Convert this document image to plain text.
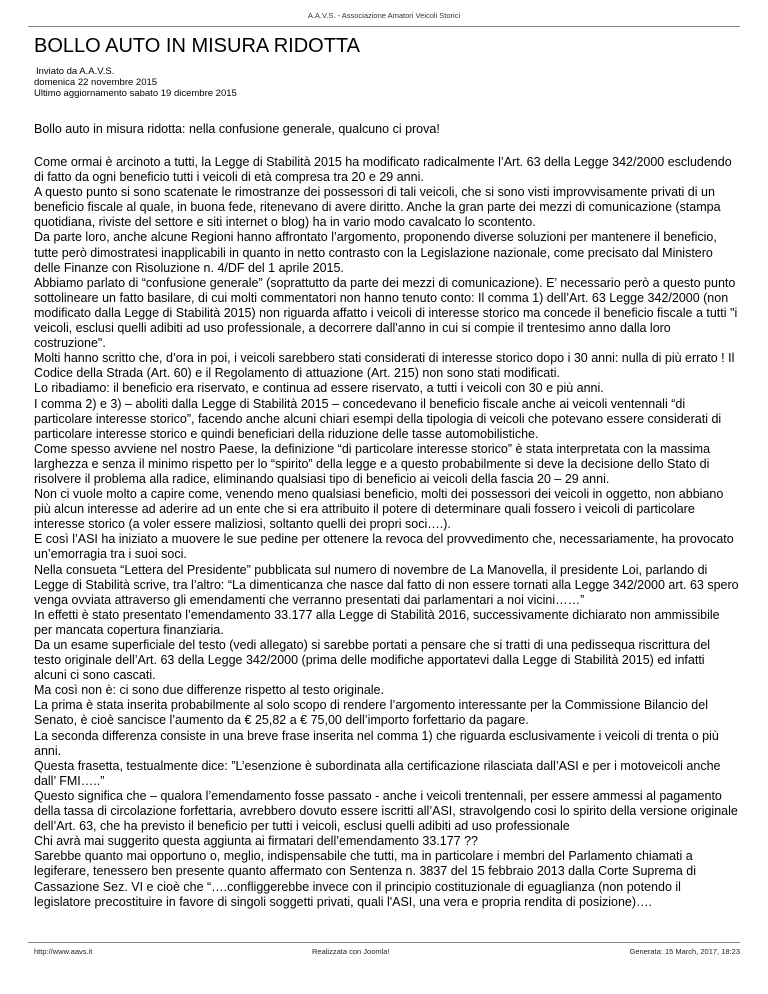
A.A.V.S. - Associazione Amatori Veicoli Storici
BOLLO AUTO IN MISURA RIDOTTA
Inviato da A.A.V.S.
domenica 22 novembre 2015
Ultimo aggiornamento sabato 19 dicembre 2015

Bollo auto in misura ridotta: nella confusione generale, qualcuno ci prova!

Come ormai è arcinoto a tutti, la Legge di Stabilità 2015 ha modificato radicalmente l’Art. 63 della Legge 342/2000 escludendo di fatto da ogni beneficio tutti i veicoli di età compresa tra 20 e 29 anni.

A questo punto si sono scatenate le rimostranze dei possessori di tali veicoli, che si sono visti improvvisamente privati di un beneficio fiscale al quale, in buona fede, ritenevano di avere diritto. Anche la gran parte dei mezzi di comunicazione (stampa quotidiana, riviste del settore e siti internet o blog) ha in vario modo cavalcato lo scontento.

Da parte loro, anche alcune Regioni hanno affrontato l’argomento, proponendo diverse soluzioni per mantenere il beneficio, tutte però dimostratesi inapplicabili in quanto in netto contrasto con la Legislazione nazionale, come precisato dal Ministero delle Finanze con Risoluzione n. 4/DF del 1 aprile 2015.

Abbiamo parlato di “confusione generale” (soprattutto da parte dei mezzi di comunicazione). E’ necessario però a questo punto sottolineare un fatto basilare, di cui molti commentatori non hanno tenuto conto: Il comma 1) dell’Art. 63 Legge 342/2000 (non modificato dalla Legge di Stabilità 2015) non riguarda affatto i veicoli di interesse storico ma concede il beneficio fiscale a tutti "i veicoli, esclusi quelli adibiti ad uso professionale, a decorrere dall'anno in cui si compie il trentesimo anno dalla loro costruzione".

Molti hanno scritto che, d’ora in poi, i veicoli sarebbero stati considerati di interesse storico dopo i 30 anni: nulla di più errato ! Il Codice della Strada (Art. 60) e il Regolamento di attuazione (Art. 215) non sono stati modificati.

Lo ribadiamo: il beneficio era riservato, e continua ad essere riservato, a tutti i veicoli con 30 e più anni.

I comma 2) e 3) – aboliti dalla Legge di Stabilità 2015 – concedevano il beneficio fiscale anche ai veicoli ventennali “di particolare interesse storico”, facendo anche alcuni chiari esempi della tipologia di veicoli che potevano essere considerati di particolare interesse storico e quindi beneficiari della riduzione delle tasse automobilistiche.

Come spesso avviene nel nostro Paese, la definizione “di particolare interesse storico” è stata interpretata con la massima larghezza e senza il minimo rispetto per lo “spirito” della legge e a questo probabilmente si deve la decisione dello Stato di risolvere il problema alla radice, eliminando qualsiasi tipo di beneficio ai veicoli della fascia 20 – 29 anni.

Non ci vuole molto a capire come, venendo meno qualsiasi beneficio, molti dei possessori dei veicoli in oggetto, non abbiano più alcun interesse ad aderire ad un ente che si era attribuito il potere di determinare quali fossero i veicoli di particolare interesse storico (a voler essere maliziosi, soltanto quelli dei propri soci….).

E così l’ASI ha iniziato a muovere le sue pedine per ottenere la revoca del provvedimento che, necessariamente, ha provocato un’emorragia tra i suoi soci.

Nella consueta “Lettera del Presidente” pubblicata sul numero di novembre de La Manovella, il presidente Loi, parlando di Legge di Stabilità scrive, tra l’altro: “La dimenticanza che nasce dal fatto di non essere tornati alla Legge 342/2000 art. 63 spero venga ovviata attraverso gli emendamenti che verranno presentati dai parlamentari a noi vicini……”

In effetti è stato presentato l’emendamento 33.177 alla Legge di Stabilità 2016, successivamente dichiarato non ammissibile per mancata copertura finanziaria.

Da un esame superficiale del testo (vedi allegato) si sarebbe portati a pensare che si tratti di una pedissequa riscrittura del testo originale dell’Art. 63 della Legge 342/2000 (prima delle modifiche apportatevi dalla Legge di Stabilità 2015) ed infatti alcuni ci sono cascati.

Ma così non è: ci sono due differenze rispetto al testo originale.

La prima è stata inserita probabilmente al solo scopo di rendere l’argomento interessante per la Commissione Bilancio del Senato, è cioè sancisce l’aumento da € 25,82 a € 75,00 dell’importo forfettario da pagare.

La seconda differenza consiste in una breve frase inserita nel comma 1) che riguarda esclusivamente i veicoli di trenta o più anni.

Questa frasetta, testualmente dice: ”L’esenzione è subordinata alla certificazione rilasciata dall’ASI e per i motoveicoli anche dall’ FMI…..”

Questo significa che – qualora l’emendamento fosse passato - anche i veicoli trentennali, per essere ammessi al pagamento della tassa di circolazione forfettaria, avrebbero dovuto essere iscritti all’ASI, stravolgendo cosi lo spirito della versione originale dell’Art. 63, che ha previsto il beneficio per tutti i veicoli, esclusi quelli adibiti ad uso professionale

Chi avrà mai suggerito questa aggiunta ai firmatari dell’emendamento 33.177 ??

Sarebbe quanto mai opportuno o, meglio, indispensabile che tutti, ma in particolare i membri del Parlamento chiamati a legiferare, tenessero ben presente quanto affermato con Sentenza n. 3837 del 15 febbraio 2013 dalla Corte Suprema di Cassazione Sez. VI e cioè che “….confliggerebbe invece con il principio costituzionale di eguaglianza (non potendo il legislatore precostituire in favore di singoli soggetti privati, quali l'ASI, una vera e propria rendita di posizione)….

http://www.aavs.it	Realizzata con Joomla!	Generata: 15 March, 2017, 18:23
